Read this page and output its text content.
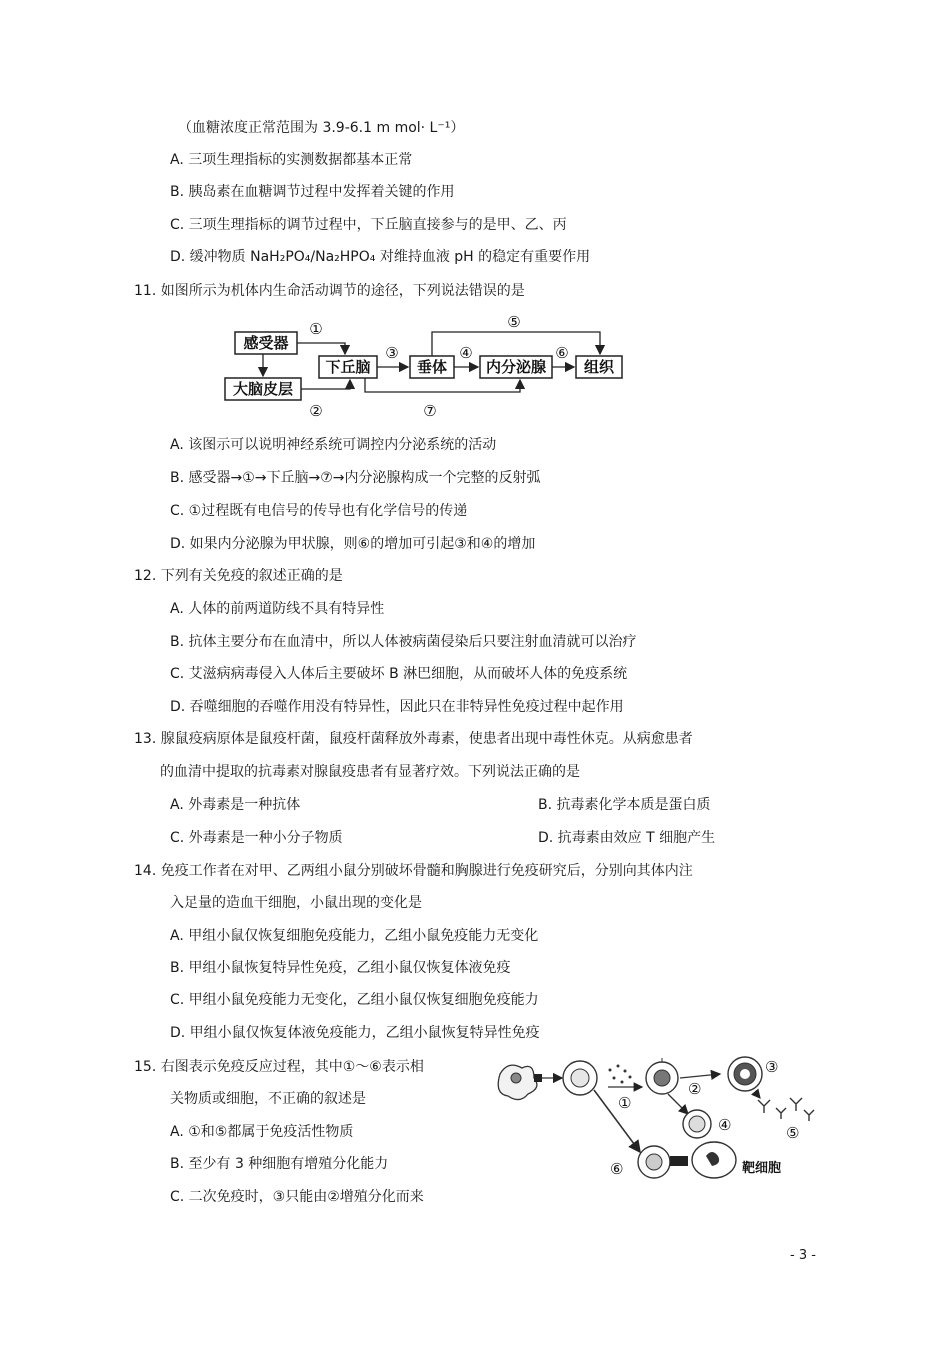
（血糖浓度正常范围为 3.9-6.1 m mol· L⁻¹）
A. 三项生理指标的实测数据都基本正常
B. 胰岛素在血糖调节过程中发挥着关键的作用
C. 三项生理指标的调节过程中，下丘脑直接参与的是甲、乙、丙
D. 缓冲物质 NaH₂PO₄/Na₂HPO₄ 对维持血液 pH 的稳定有重要作用
11. 如图所示为机体内生命活动调节的途径，下列说法错误的是
感受器
大脑皮层
下丘脑	垂体	内分泌腺	组织
①
②
③	④
⑤
⑥
⑦
A. 该图示可以说明神经系统可调控内分泌系统的活动
B. 感受器→①→下丘脑→⑦→内分泌腺构成一个完整的反射弧
C. ①过程既有电信号的传导也有化学信号的传递
D. 如果内分泌腺为甲状腺，则⑥的增加可引起③和④的增加
12. 下列有关免疫的叙述正确的是
A. 人体的前两道防线不具有特异性
B. 抗体主要分布在血清中，所以人体被病菌侵染后只要注射血清就可以治疗
C. 艾滋病病毒侵入人体后主要破坏 B 淋巴细胞，从而破坏人体的免疫系统
D. 吞噬细胞的吞噬作用没有特异性，因此只在非特异性免疫过程中起作用
13. 腺鼠疫病原体是鼠疫杆菌，鼠疫杆菌释放外毒素，使患者出现中毒性休克。从病愈患者
的血清中提取的抗毒素对腺鼠疫患者有显著疗效。下列说法正确的是
A. 外毒素是一种抗体	B. 抗毒素化学本质是蛋白质
C. 外毒素是一种小分子物质	D. 抗毒素由效应 T 细胞产生
14. 免疫工作者在对甲、乙两组小鼠分别破坏骨髓和胸腺进行免疫研究后，分别向其体内注
入足量的造血干细胞，小鼠出现的变化是
A. 甲组小鼠仅恢复细胞免疫能力，乙组小鼠免疫能力无变化
B. 甲组小鼠恢复特异性免疫，乙组小鼠仅恢复体液免疫
C. 甲组小鼠免疫能力无变化，乙组小鼠仅恢复细胞免疫能力
D. 甲组小鼠仅恢复体液免疫能力，乙组小鼠恢复特异性免疫
15. 右图表示免疫反应过程，其中①～⑥表示相
关物质或细胞，不正确的叙述是
A. ①和⑤都属于免疫活性物质
B. 至少有 3 种细胞有增殖分化能力
C. 二次免疫时，③只能由②增殖分化而来
①
②
③
④	⑤
⑥	靶细胞
- 3 -
